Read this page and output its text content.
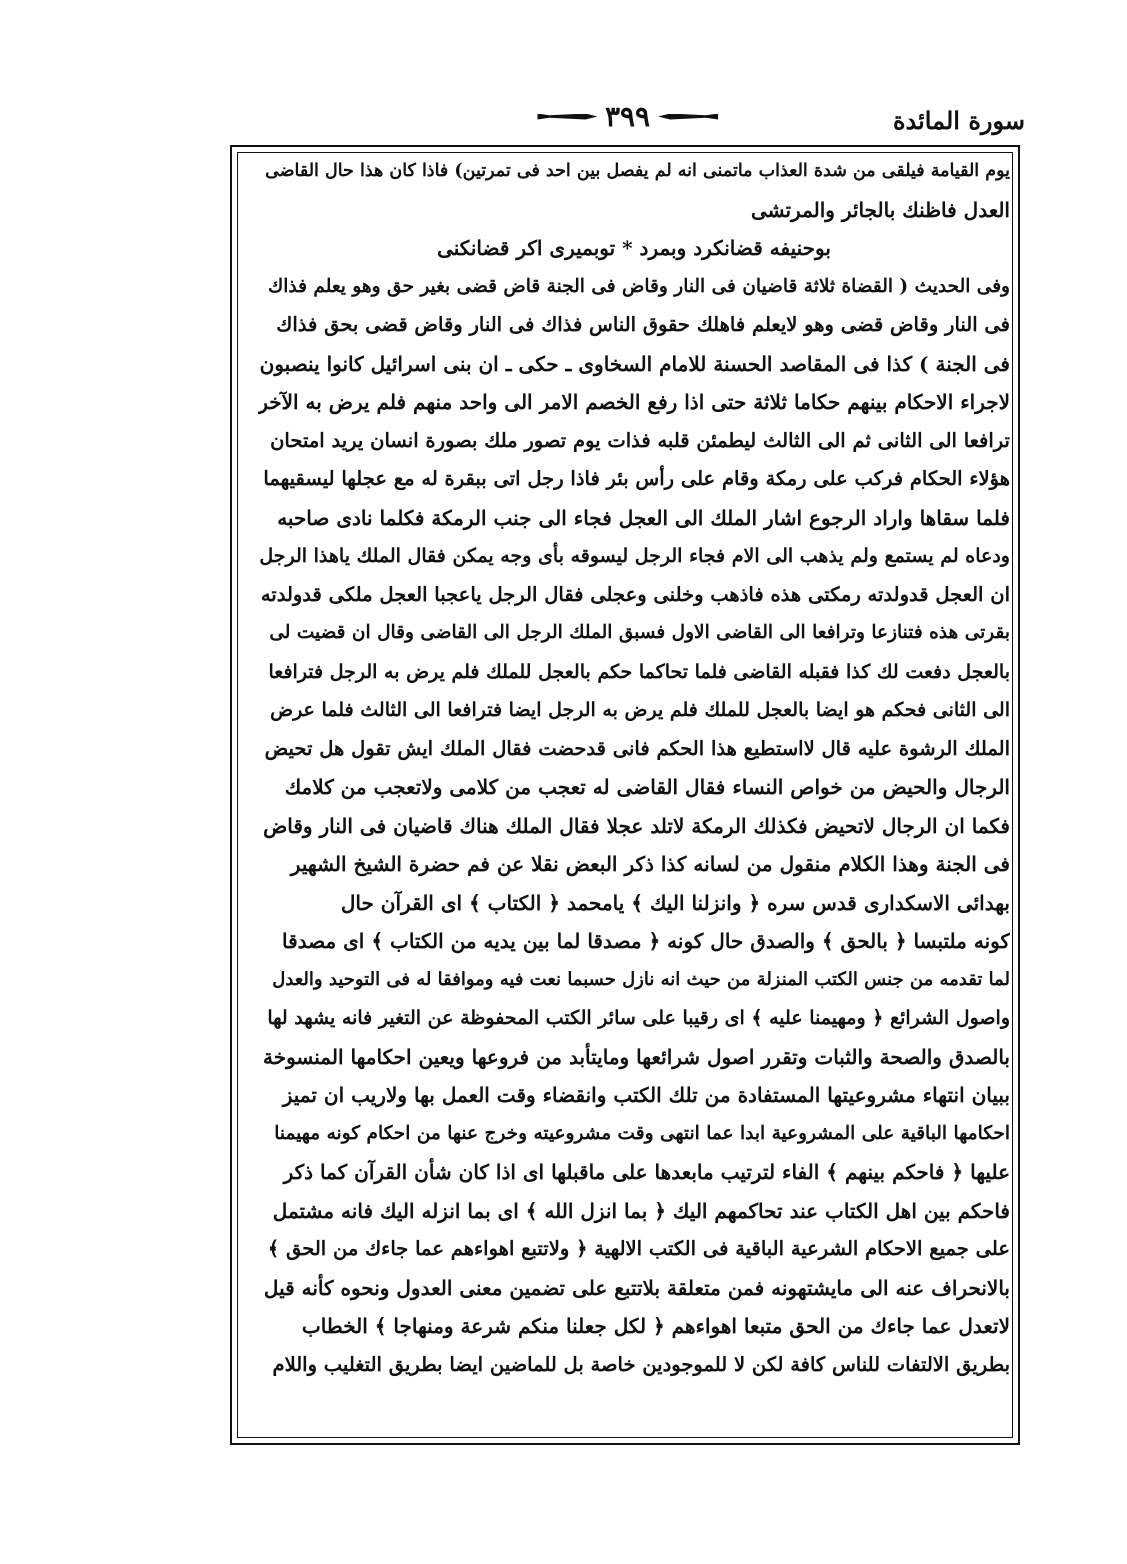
سورة المائدة
٣٩٩
يوم القيامة فيلقى من شدة العذاب ماتمنى انه لم يفصل بين احد فى تمرتين) فاذا كان هذا حال القاضى
العدل فاظنك بالجائر والمرتشى
بوحنيفه قضانكرد وبمرد * توبميرى اكر قضانكنى
وفى الحديث ( القضاة ثلاثة قاضيان فى النار وقاض فى الجنة قاض قضى بغير حق وهو يعلم فذاك
فى النار وقاض قضى وهو لايعلم فاهلك حقوق الناس فذاك فى النار وقاض قضى بحق فذاك
فى الجنة ) كذا فى المقاصد الحسنة للامام السخاوى ـ حكى ـ ان بنى اسرائيل كانوا ينصبون
لاجراء الاحكام بينهم حكاما ثلاثة حتى اذا رفع الخصم الامر الى واحد منهم فلم يرض به الآخر
ترافعا الى الثانى ثم الى الثالث ليطمئن قلبه فذات يوم تصور ملك بصورة انسان يريد امتحان
هؤلاء الحكام فركب على رمكة وقام على رأس بئر فاذا رجل اتى ببقرة له مع عجلها ليسقيهما
فلما سقاها واراد الرجوع اشار الملك الى العجل فجاء الى جنب الرمكة فكلما نادى صاحبه
ودعاه لم يستمع ولم يذهب الى الام فجاء الرجل ليسوقه بأى وجه يمكن فقال الملك ياهذا الرجل
ان العجل قدولدته رمكتى هذه فاذهب وخلنى وعجلى فقال الرجل ياعجبا العجل ملكى قدولدته
بقرتى هذه فتنازعا وترافعا الى القاضى الاول فسبق الملك الرجل الى القاضى وقال ان قضيت لى
بالعجل دفعت لك كذا فقبله القاضى فلما تحاكما حكم بالعجل للملك فلم يرض به الرجل فترافعا
الى الثانى فحكم هو ايضا بالعجل للملك فلم يرض به الرجل ايضا فترافعا الى الثالث فلما عرض
الملك الرشوة عليه قال لااستطيع هذا الحكم فانى قدحضت فقال الملك ايش تقول هل تحيض
الرجال والحيض من خواص النساء فقال القاضى له تعجب من كلامى ولاتعجب من كلامك
فكما ان الرجال لاتحيض فكذلك الرمكة لاتلد عجلا فقال الملك هناك قاضيان فى النار وقاض
فى الجنة وهذا الكلام منقول من لسانه كذا ذكر البعض نقلا عن فم حضرة الشيخ الشهير
بهدائى الاسكدارى قدس سره ﴿ وانزلنا اليك ﴾ يامحمد ﴿ الكتاب ﴾ اى القرآن حال
كونه ملتبسا ﴿ بالحق ﴾ والصدق حال كونه ﴿ مصدقا لما بين يديه من الكتاب ﴾ اى مصدقا
لما تقدمه من جنس الكتب المنزلة من حيث انه نازل حسبما نعت فيه وموافقا له فى التوحيد والعدل
واصول الشرائع ﴿ ومهيمنا عليه ﴾ اى رقيبا على سائر الكتب المحفوظة عن التغير فانه يشهد لها
بالصدق والصحة والثبات وتقرر اصول شرائعها ومايتأبد من فروعها ويعين احكامها المنسوخة
ببيان انتهاء مشروعيتها المستفادة من تلك الكتب وانقضاء وقت العمل بها ولاريب ان تميز
احكامها الباقية على المشروعية ابدا عما انتهى وقت مشروعيته وخرج عنها من احكام كونه مهيمنا
عليها ﴿ فاحكم بينهم ﴾ الفاء لترتيب مابعدها على ماقبلها اى اذا كان شأن القرآن كما ذكر
فاحكم بين اهل الكتاب عند تحاكمهم اليك ﴿ بما انزل الله ﴾ اى بما انزله اليك فانه مشتمل
على جميع الاحكام الشرعية الباقية فى الكتب الالهية ﴿ ولاتتبع اهواءهم عما جاءك من الحق ﴾
بالانحراف عنه الى مايشتهونه فمن متعلقة بلاتتبع على تضمين معنى العدول ونحوه كأنه قيل
لاتعدل عما جاءك من الحق متبعا اهواءهم ﴿ لكل جعلنا منكم شرعة ومنهاجا ﴾ الخطاب
بطريق الالتفات للناس كافة لكن لا للموجودين خاصة بل للماضين ايضا بطريق التغليب واللام
